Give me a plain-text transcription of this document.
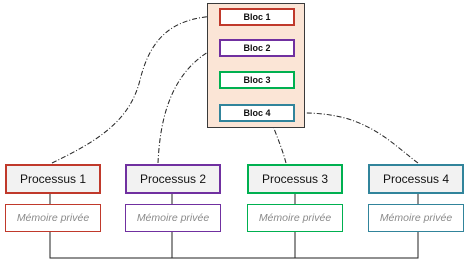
Bloc 1
Bloc 2
Bloc 3
Bloc 4
Processus 1	Processus 2	Processus 3	Processus 4
Mémoire privée	Mémoire privée	Mémoire privée	Mémoire privée
